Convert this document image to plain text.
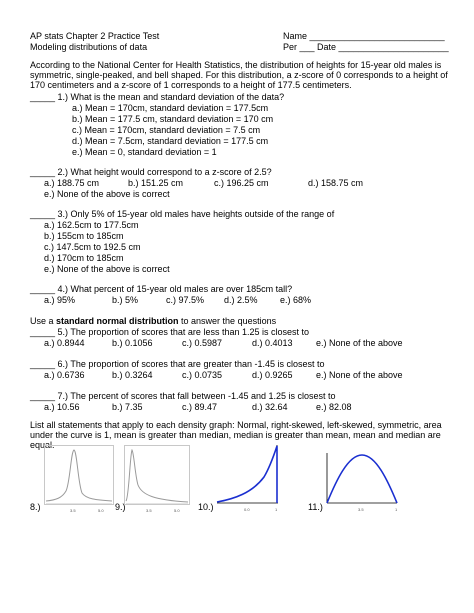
AP stats Chapter 2 Practice Test
Modeling distributions of data
Name ___________________________
Per ___ Date ______________________
According to the National Center for Health Statistics, the distribution of heights for 15-year old males is symmetric, single-peaked, and bell shaped. For this distribution, a z-score of 0 corresponds to a height of 170 centimeters and a z-score of 1 corresponds to a height of 177.5 centimeters.
_____ 1.) What is the mean and standard deviation of the data?
a.) Mean = 170cm, standard deviation = 177.5cm
b.) Mean = 177.5 cm, standard deviation = 170 cm
c.) Mean = 170cm, standard deviation = 7.5 cm
d.) Mean = 7.5cm, standard deviation = 177.5 cm
e.) Mean = 0, standard deviation = 1
_____ 2.) What height would correspond to a z-score of 2.5?
a.) 188.75 cm	b.) 151.25 cm	c.) 196.25 cm	d.) 158.75 cm
e.) None of the above is correct
_____ 3.) Only 5% of 15-year old males have heights outside of the range of
a.) 162.5cm to 177.5cm
b.) 155cm to 185cm
c.) 147.5cm to 192.5 cm
d.) 170cm to 185cm
e.) None of the above is correct
_____ 4.) What percent of 15-year old males are over 185cm tall?
a.) 95%	b.) 5%	c.) 97.5% d.) 2.5% e.) 68%
Use a standard normal distribution to answer the questions
_____ 5.) The proportion of scores that are less than 1.25 is closest to
a.) 0.8944	b.) 0.1056	c.) 0.5987	d.) 0.4013	e.) None of the above
_____ 6.) The proportion of scores that are greater than -1.45 is closest to
a.) 0.6736	b.) 0.3264	c.) 0.0735	d.) 0.9265	e.) None of the above
_____ 7.) The percent of scores that fall between -1.45 and 1.25 is closest to
a.) 10.56	b.) 7.35	c.) 89.47	d.) 32.64	e.) 82.08
List all statements that apply to each density graph: Normal, right-skewed, left-skewed, symmetric, area under the curve is 1, mean is greater than median, median is greater than mean, mean and median are equal.
8.)	3.5	5.0 9.)	3.5	5.0 10.)	0.0	1	11.)	3.5	1
